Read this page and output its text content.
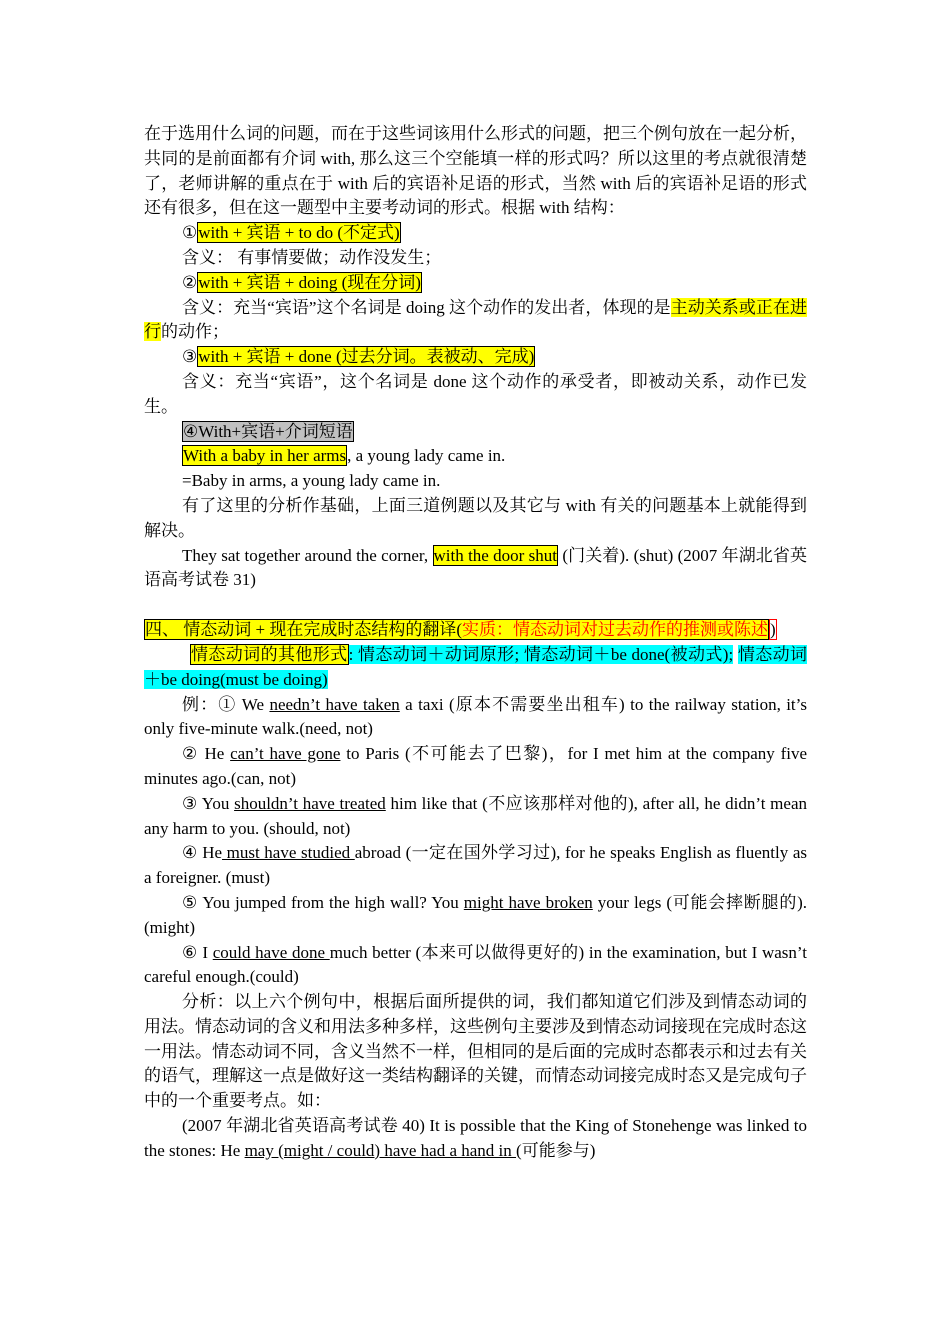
在于选用什么词的问题，而在于这些词该用什么形式的问题，把三个例句放在一起分析，共同的是前面都有介词 with, 那么这三个空能填一样的形式吗？所以这里的考点就很清楚了，老师讲解的重点在于 with 后的宾语补足语的形式，当然 with 后的宾语补足语的形式还有很多，但在这一题型中主要考动词的形式。根据 with 结构：

①with + 宾语 + to do (不定式)

含义： 有事情要做；动作没发生；

②with + 宾语 + doing (现在分词)

含义：充当“宾语”这个名词是 doing 这个动作的发出者，体现的是主动关系或正在进行的动作；

③with + 宾语 + done (过去分词。表被动、完成)

含义：充当“宾语”，这个名词是 done 这个动作的承受者，即被动关系，动作已发生。

④With+宾语+介词短语

With a baby in her arms, a young lady came in.

=Baby in arms, a young lady came in.

有了这里的分析作基础，上面三道例题以及其它与 with 有关的问题基本上就能得到解决。

They sat together around the corner, with the door shut (门关着). (shut) (2007 年湖北省英语高考试卷 31)

四、 情态动词 + 现在完成时态结构的翻译(实质：情态动词对过去动作的推测或陈述 )

情态动词的其他形式: 情态动词＋动词原形; 情态动词＋be done(被动式); 情态动词＋be doing(must be doing)

例：① We needn’t have taken a taxi (原本不需要坐出租车) to the railway station, it’s only five-minute walk.(need, not)

② He can’t have gone to Paris (不可能去了巴黎)，for I met him at the company five minutes ago.(can, not)

③ You shouldn’t have treated him like that (不应该那样对他的), after all, he didn’t mean any harm to you. (should, not)

④ He must have studied abroad (一定在国外学习过), for he speaks English as fluently as a foreigner. (must)

⑤ You jumped from the high wall? You might have broken your legs (可能会摔断腿的). (might)

⑥ I could have done much better (本来可以做得更好的) in the examination, but I wasn’t careful enough.(could)

分析：以上六个例句中，根据后面所提供的词，我们都知道它们涉及到情态动词的用法。情态动词的含义和用法多种多样，这些例句主要涉及到情态动词接现在完成时态这一用法。情态动词不同，含义当然不一样，但相同的是后面的完成时态都表示和过去有关的语气，理解这一点是做好这一类结构翻译的关键，而情态动词接完成时态又是完成句子中的一个重要考点。如：

(2007 年湖北省英语高考试卷 40) It is possible that the King of Stonehenge was linked to the stones: He may (might / could) have had a hand in (可能参与)
